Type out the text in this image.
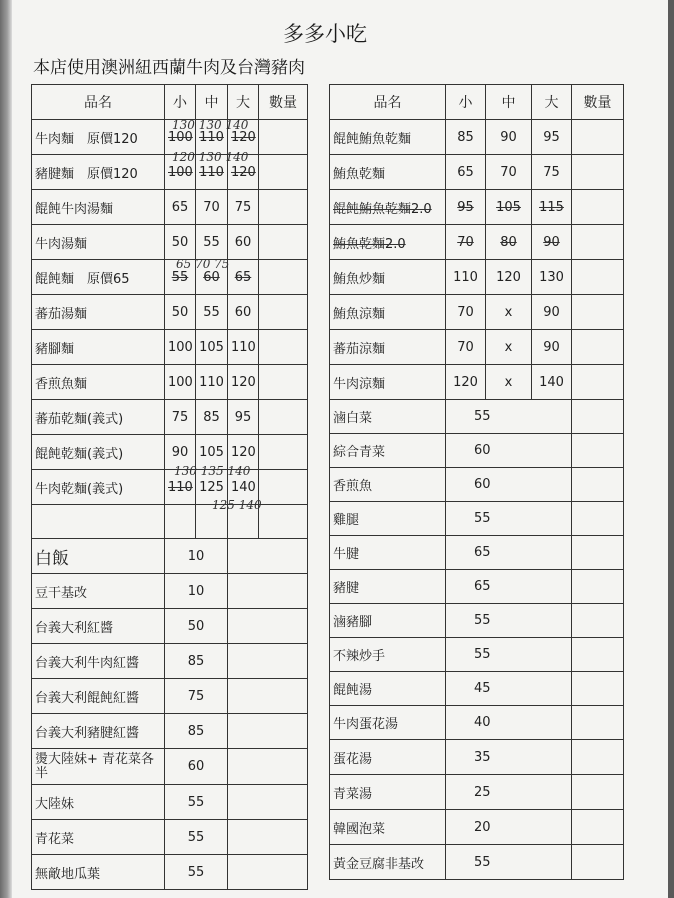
多多小吃
本店使用澳洲紐西蘭牛肉及台灣豬肉
品名	小	中	大	數量
牛肉麵　原價120	100	110	120	
豬腱麵　原價120	100	110	120	
餛飩牛肉湯麵	65	70	75	
牛肉湯麵	50	55	60	
餛飩麵　原價65	55	60	65	
蕃茄湯麵	50	55	60	
豬腳麵	100	105	110	
香煎魚麵	100	110	120	
蕃茄乾麵(義式)	75	85	95	
餛飩乾麵(義式)	90	105	120	
牛肉乾麵(義式)	110	125	140	

白飯	10			
豆干基改	10			
台義大利紅醬	50			
台義大利牛肉紅醬	85			
台義大利餛飩紅醬	75			
台義大利豬腱紅醬	85			
燙大陸妹+ 青花菜各半	60			
大陸妹	55			
青花菜	55			
無敵地瓜葉	55			
品名	小	中	大	數量
餛飩鮪魚乾麵	85	90	95	
鮪魚乾麵	65	70	75	
餛飩鮪魚乾麵2.0	95	105	115	
鮪魚乾麵2.0	70	80	90	
鮪魚炒麵	110	120	130	
鮪魚涼麵	70	x	90	
蕃茄涼麵	70	x	90	
牛肉涼麵	120	x	140	
滷白菜	55			
綜合青菜	60			
香煎魚	60			
雞腿	55			
牛腱	65			
豬腱	65			
滷豬腳	55			
不辣炒手	55			
餛飩湯	45			
牛肉蛋花湯	40			
蛋花湯	35			
青菜湯	25			
韓國泡菜	20			
黃金豆腐非基改	55			
130 130 140
120 130 140
65 70 75
130 135 140
125 140
